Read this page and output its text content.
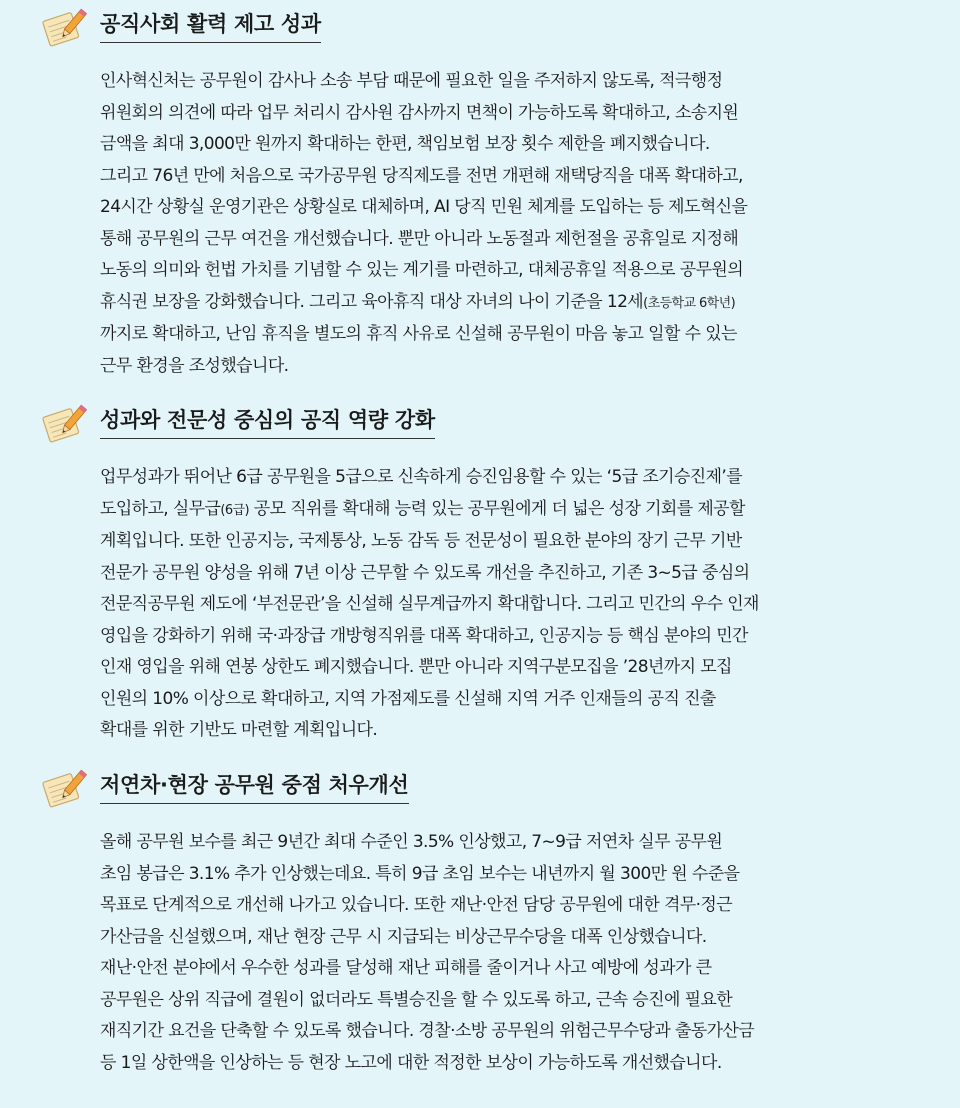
공직사회 활력 제고 성과

인사혁신처는 공무원이 감사나 소송 부담 때문에 필요한 일을 주저하지 않도록, 적극행정
위원회의 의견에 따라 업무 처리시 감사원 감사까지 면책이 가능하도록 확대하고, 소송지원
금액을 최대 3,000만 원까지 확대하는 한편, 책임보험 보장 횟수 제한을 폐지했습니다.
그리고 76년 만에 처음으로 국가공무원 당직제도를 전면 개편해 재택당직을 대폭 확대하고,
24시간 상황실 운영기관은 상황실로 대체하며, AI 당직 민원 체계를 도입하는 등 제도혁신을
통해 공무원의 근무 여건을 개선했습니다. 뿐만 아니라 노동절과 제헌절을 공휴일로 지정해
노동의 의미와 헌법 가치를 기념할 수 있는 계기를 마련하고, 대체공휴일 적용으로 공무원의
휴식권 보장을 강화했습니다. 그리고 육아휴직 대상 자녀의 나이 기준을 12세(초등학교 6학년)
까지로 확대하고, 난임 휴직을 별도의 휴직 사유로 신설해 공무원이 마음 놓고 일할 수 있는
근무 환경을 조성했습니다.

성과와 전문성 중심의 공직 역량 강화

업무성과가 뛰어난 6급 공무원을 5급으로 신속하게 승진임용할 수 있는 ‘5급 조기승진제’를
도입하고, 실무급(6급) 공모 직위를 확대해 능력 있는 공무원에게 더 넓은 성장 기회를 제공할
계획입니다. 또한 인공지능, 국제통상, 노동 감독 등 전문성이 필요한 분야의 장기 근무 기반
전문가 공무원 양성을 위해 7년 이상 근무할 수 있도록 개선을 추진하고, 기존 3~5급 중심의
전문직공무원 제도에 ‘부전문관’을 신설해 실무계급까지 확대합니다. 그리고 민간의 우수 인재
영입을 강화하기 위해 국·과장급 개방형직위를 대폭 확대하고, 인공지능 등 핵심 분야의 민간
인재 영입을 위해 연봉 상한도 폐지했습니다. 뿐만 아니라 지역구분모집을 ’28년까지 모집
인원의 10% 이상으로 확대하고, 지역 가점제도를 신설해 지역 거주 인재들의 공직 진출
확대를 위한 기반도 마련할 계획입니다.

저연차·현장 공무원 중점 처우개선

올해 공무원 보수를 최근 9년간 최대 수준인 3.5% 인상했고, 7~9급 저연차 실무 공무원
초임 봉급은 3.1% 추가 인상했는데요. 특히 9급 초임 보수는 내년까지 월 300만 원 수준을
목표로 단계적으로 개선해 나가고 있습니다. 또한 재난·안전 담당 공무원에 대한 격무·정근
가산금을 신설했으며, 재난 현장 근무 시 지급되는 비상근무수당을 대폭 인상했습니다.
재난·안전 분야에서 우수한 성과를 달성해 재난 피해를 줄이거나 사고 예방에 성과가 큰
공무원은 상위 직급에 결원이 없더라도 특별승진을 할 수 있도록 하고, 근속 승진에 필요한
재직기간 요건을 단축할 수 있도록 했습니다. 경찰·소방 공무원의 위험근무수당과 출동가산금
등 1일 상한액을 인상하는 등 현장 노고에 대한 적정한 보상이 가능하도록 개선했습니다.
